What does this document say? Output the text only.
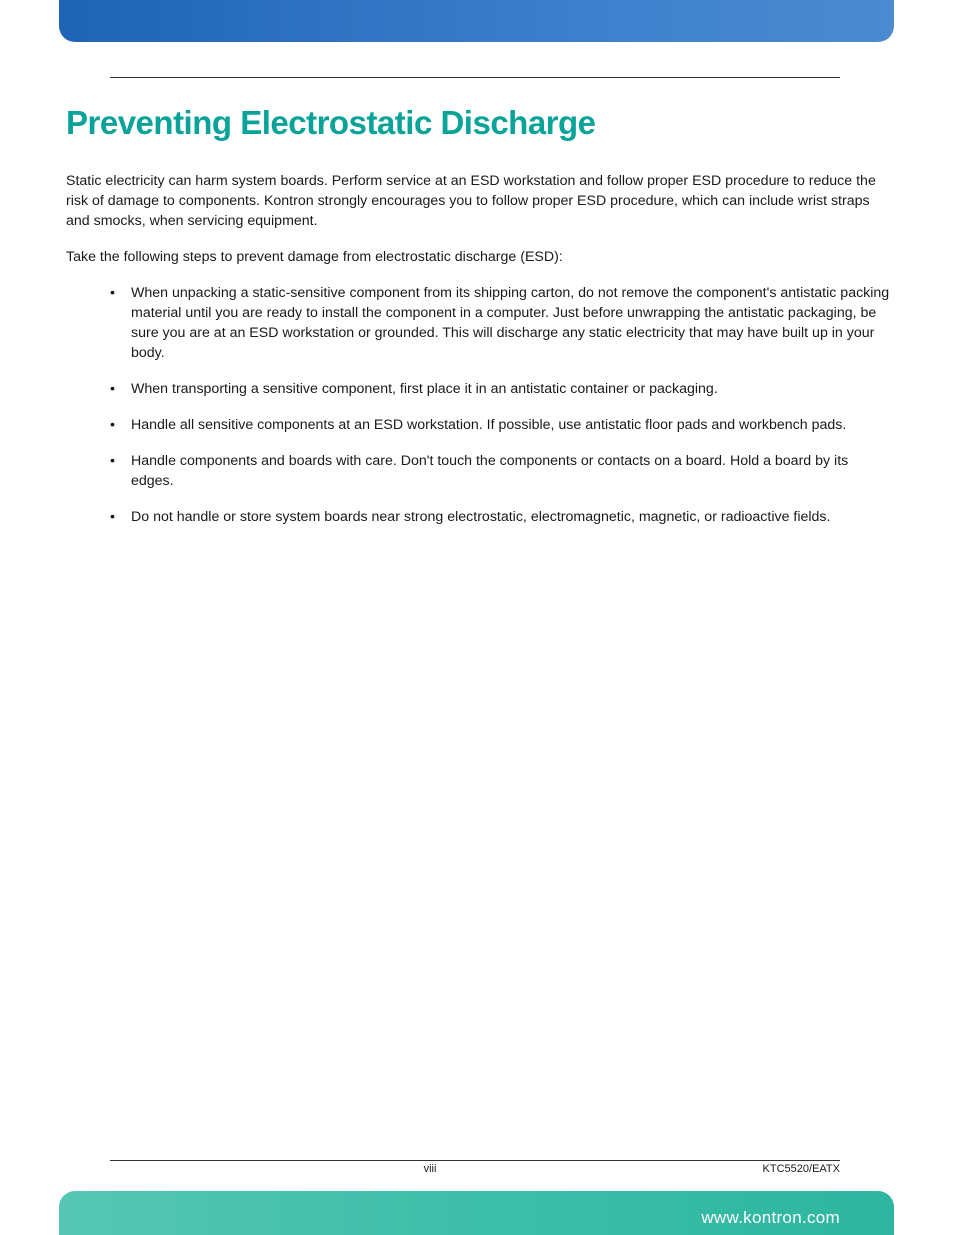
Preventing Electrostatic Discharge

Static electricity can harm system boards. Perform service at an ESD workstation and follow proper ESD procedure to reduce the risk of damage to components. Kontron strongly encourages you to follow proper ESD procedure, which can include wrist straps and smocks, when servicing equipment.

Take the following steps to prevent damage from electrostatic discharge (ESD):

• When unpacking a static-sensitive component from its shipping carton, do not remove the component's antistatic packing material until you are ready to install the component in a computer. Just before unwrapping the antistatic packaging, be sure you are at an ESD workstation or grounded. This will discharge any static electricity that may have built up in your body.
• When transporting a sensitive component, first place it in an antistatic container or packaging.
• Handle all sensitive components at an ESD workstation. If possible, use antistatic floor pads and workbench pads.
• Handle components and boards with care. Don't touch the components or contacts on a board. Hold a board by its edges.
• Do not handle or store system boards near strong electrostatic, electromagnetic, magnetic, or radioactive fields.
viii	KTC5520/EATX
www.kontron.com
